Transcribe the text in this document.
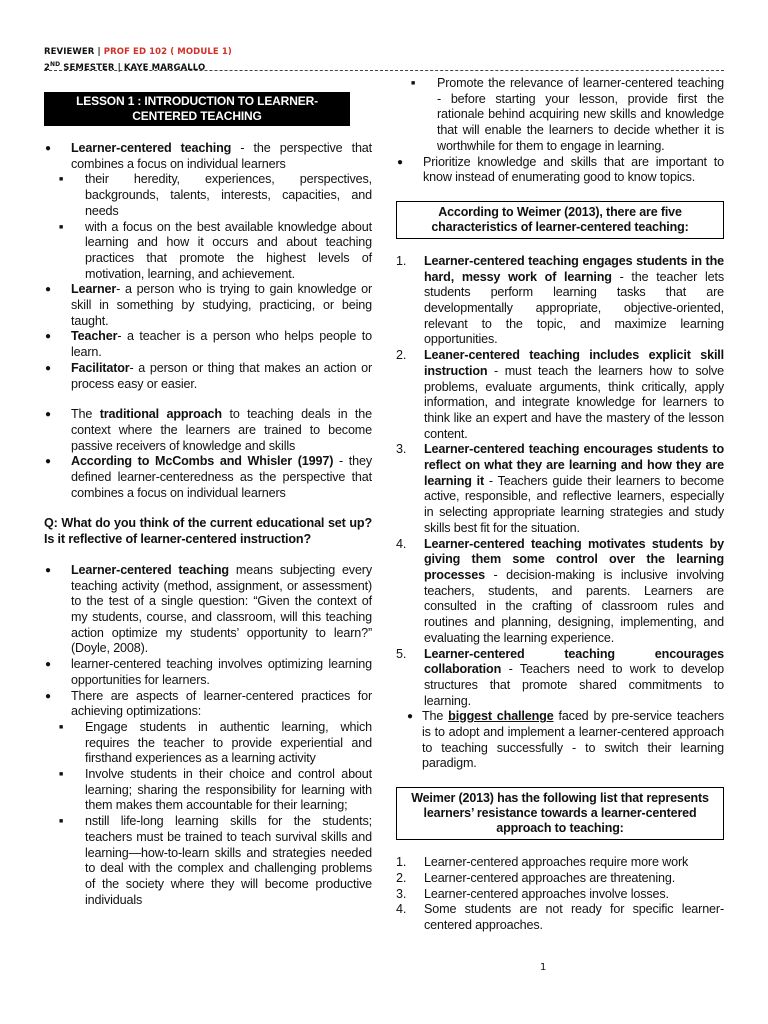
REVIEWER | PROF ED 102 ( MODULE 1)
2ND SEMESTER | KAYE MARGALLO
LESSON 1 : INTRODUCTION TO LEARNER-CENTERED TEACHING
● Learner-centered teaching - the perspective that combines a focus on individual learners
■ their heredity, experiences, perspectives, backgrounds, talents, interests, capacities, and needs
■ with a focus on the best available knowledge about learning and how it occurs and about teaching practices that promote the highest levels of motivation, learning, and achievement.
● Learner- a person who is trying to gain knowledge or skill in something by studying, practicing, or being taught.
● Teacher- a teacher is a person who helps people to learn.
● Facilitator- a person or thing that makes an action or process easy or easier.
● The traditional approach to teaching deals in the context where the learners are trained to become passive receivers of knowledge and skills
● According to McCombs and Whisler (1997) - they defined learner-centeredness as the perspective that combines a focus on individual learners
Q: What do you think of the current educational set up? Is it reflective of learner-centered instruction?
● Learner-centered teaching means subjecting every teaching activity (method, assignment, or assessment) to the test of a single question: “Given the context of my students, course, and classroom, will this teaching action optimize my students’ opportunity to learn?” (Doyle, 2008).
● learner-centered teaching involves optimizing learning opportunities for learners.
● There are aspects of learner-centered practices for achieving optimizations:
■ Engage students in authentic learning, which requires the teacher to provide experiential and firsthand experiences as a learning activity
■ Involve students in their choice and control about learning; sharing the responsibility for learning with them makes them accountable for their learning;
■ nstill life-long learning skills for the students; teachers must be trained to teach survival skills and learning—how-to-learn skills and strategies needed to deal with the complex and challenging problems of the society where they will become productive individuals
■ Promote the relevance of learner-centered teaching - before starting your lesson, provide first the rationale behind acquiring new skills and knowledge that will enable the learners to decide whether it is worthwhile for them to engage in learning.
● Prioritize knowledge and skills that are important to know instead of enumerating good to know topics.
According to Weimer (2013), there are five characteristics of learner-centered teaching:
1. Learner-centered teaching engages students in the hard, messy work of learning - the teacher lets students perform learning tasks that are developmentally appropriate, objective-oriented, relevant to the topic, and maximize learning opportunities.
2. Leaner-centered teaching includes explicit skill instruction - must teach the learners how to solve problems, evaluate arguments, think critically, apply information, and integrate knowledge for learners to think like an expert and have the mastery of the lesson content.
3. Learner-centered teaching encourages students to reflect on what they are learning and how they are learning it - Teachers guide their learners to become active, responsible, and reflective learners, especially in selecting appropriate learning strategies and study skills best fit for the situation.
4. Learner-centered teaching motivates students by giving them some control over the learning processes - decision-making is inclusive involving teachers, students, and parents. Learners are consulted in the crafting of classroom rules and routines and planning, designing, implementing, and evaluating the learning experience.
5. Learner-centered teaching encourages collaboration - Teachers need to work to develop structures that promote shared commitments to learning.
● The biggest challenge faced by pre-service teachers is to adopt and implement a learner-centered approach to teaching successfully - to switch their learning paradigm.
Weimer (2013) has the following list that represents learners’ resistance towards a learner-centered approach to teaching:
1. Learner-centered approaches require more work
2. Learner-centered approaches are threatening.
3. Learner-centered approaches involve losses.
4. Some students are not ready for specific learner-centered approaches.
1
